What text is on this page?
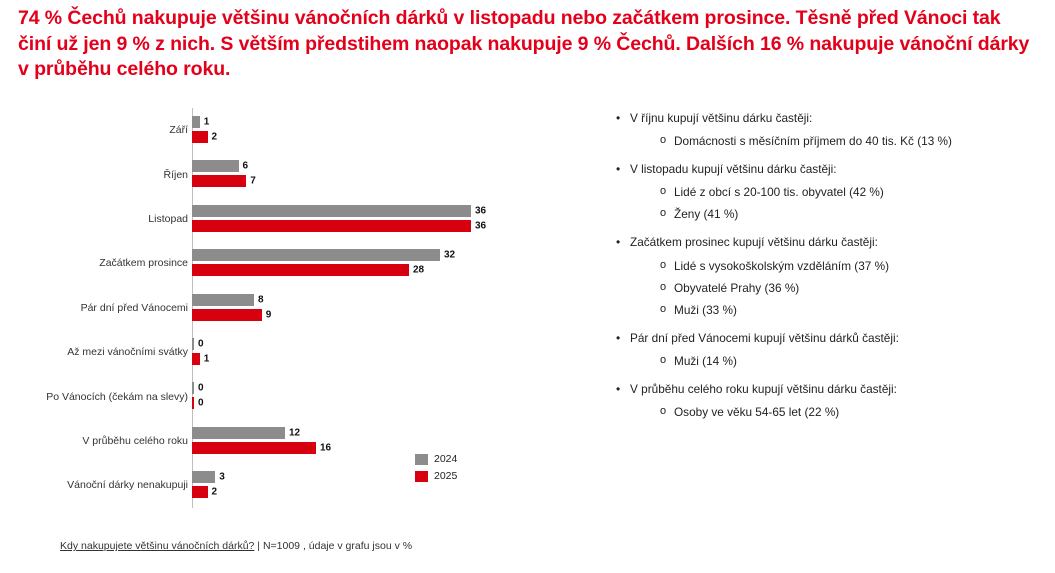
74 % Čechů nakupuje většinu vánočních dárků v listopadu nebo začátkem prosince. Těsně před Vánoci tak činí už jen 9 % z nich. S větším předstihem naopak nakupuje 9 % Čechů. Dalších 16 % nakupuje vánoční dárky v průběhu celého roku.
Září
1
2
Říjen
6
7
Listopad
36
36
Začátkem prosince
32
28
Pár dní před Vánocemi
8
9
Až mezi vánočními svátky
0
1
Po Vánocích (čekám na slevy)
0
0
V průběhu celého roku
12
16
Vánoční dárky nenakupuji
3
2
2024
2025
Kdy nakupujete většinu vánočních dárků? | N=1009 , údaje v grafu jsou v %
• V říjnu kupují většinu dárku častěji:
o Domácnosti s měsíčním příjmem do 40 tis. Kč (13 %)
• V listopadu kupují většinu dárku častěji:
o Lidé z obcí s 20-100 tis. obyvatel (42 %)
o Ženy (41 %)
• Začátkem prosinec kupují většinu dárku častěji:
o Lidé s vysokoškolským vzděláním (37 %)
o Obyvatelé Prahy (36 %)
o Muži (33 %)
• Pár dní před Vánocemi kupují většinu dárků častěji:
o Muži (14 %)
• V průběhu celého roku kupují většinu dárku častěji:
o Osoby ve věku 54-65 let (22 %)
